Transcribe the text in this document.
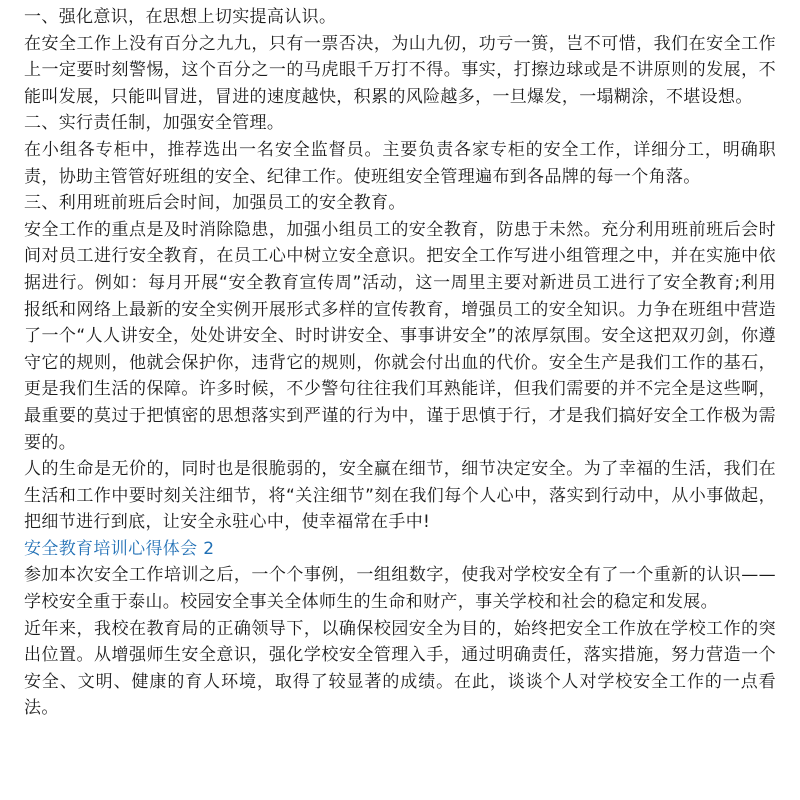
一、强化意识，在思想上切实提高认识。

在安全工作上没有百分之九九，只有一票否决，为山九仞，功亏一篑，岂不可惜，我们在安全工作上一定要时刻警惕，这个百分之一的马虎眼千万打不得。事实，打擦边球或是不讲原则的发展，不能叫发展，只能叫冒进，冒进的速度越快，积累的风险越多，一旦爆发，一塌糊涂，不堪设想。

二、实行责任制，加强安全管理。

在小组各专柜中，推荐选出一名安全监督员。主要负责各家专柜的安全工作，详细分工，明确职责，协助主管管好班组的安全、纪律工作。使班组安全管理遍布到各品牌的每一个角落。

三、利用班前班后会时间，加强员工的安全教育。

安全工作的重点是及时消除隐患，加强小组员工的安全教育，防患于未然。充分利用班前班后会时间对员工进行安全教育，在员工心中树立安全意识。把安全工作写进小组管理之中，并在实施中依据进行。例如：每月开展“安全教育宣传周”活动，这一周里主要对新进员工进行了安全教育;利用报纸和网络上最新的安全实例开展形式多样的宣传教育，增强员工的安全知识。力争在班组中营造了一个“人人讲安全，处处讲安全、时时讲安全、事事讲安全”的浓厚氛围。安全这把双刃剑，你遵守它的规则，他就会保护你，违背它的规则，你就会付出血的代价。安全生产是我们工作的基石，更是我们生活的保障。许多时候，不少警句往往我们耳熟能详，但我们需要的并不完全是这些啊，最重要的莫过于把慎密的思想落实到严谨的行为中，谨于思慎于行，才是我们搞好安全工作极为需要的。

人的生命是无价的，同时也是很脆弱的，安全赢在细节，细节决定安全。为了幸福的生活，我们在生活和工作中要时刻关注细节，将“关注细节”刻在我们每个人心中，落实到行动中，从小事做起，把细节进行到底，让安全永驻心中，使幸福常在手中!

安全教育培训心得体会 2

参加本次安全工作培训之后，一个个事例，一组组数字，使我对学校安全有了一个重新的认识——学校安全重于泰山。校园安全事关全体师生的生命和财产，事关学校和社会的稳定和发展。

近年来，我校在教育局的正确领导下，以确保校园安全为目的，始终把安全工作放在学校工作的突出位置。从增强师生安全意识，强化学校安全管理入手，通过明确责任，落实措施，努力营造一个安全、文明、健康的育人环境，取得了较显著的成绩。在此，谈谈个人对学校安全工作的一点看法。
